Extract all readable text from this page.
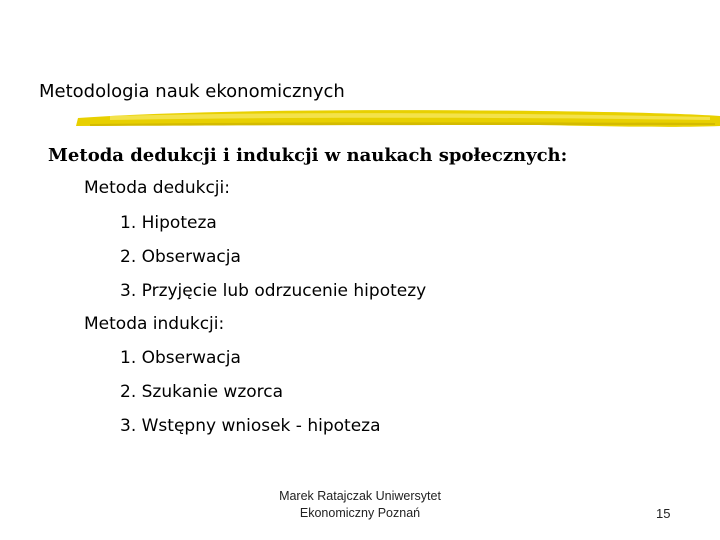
Metodologia nauk ekonomicznych
Metoda dedukcji i indukcji w naukach społecznych:
Metoda dedukcji:
1. Hipoteza
2. Obserwacja
3. Przyjęcie lub odrzucenie hipotezy
Metoda indukcji:
1. Obserwacja
2. Szukanie wzorca
3. Wstępny wniosek - hipoteza
Marek Ratajczak Uniwersytet
Ekonomiczny Poznań	15
